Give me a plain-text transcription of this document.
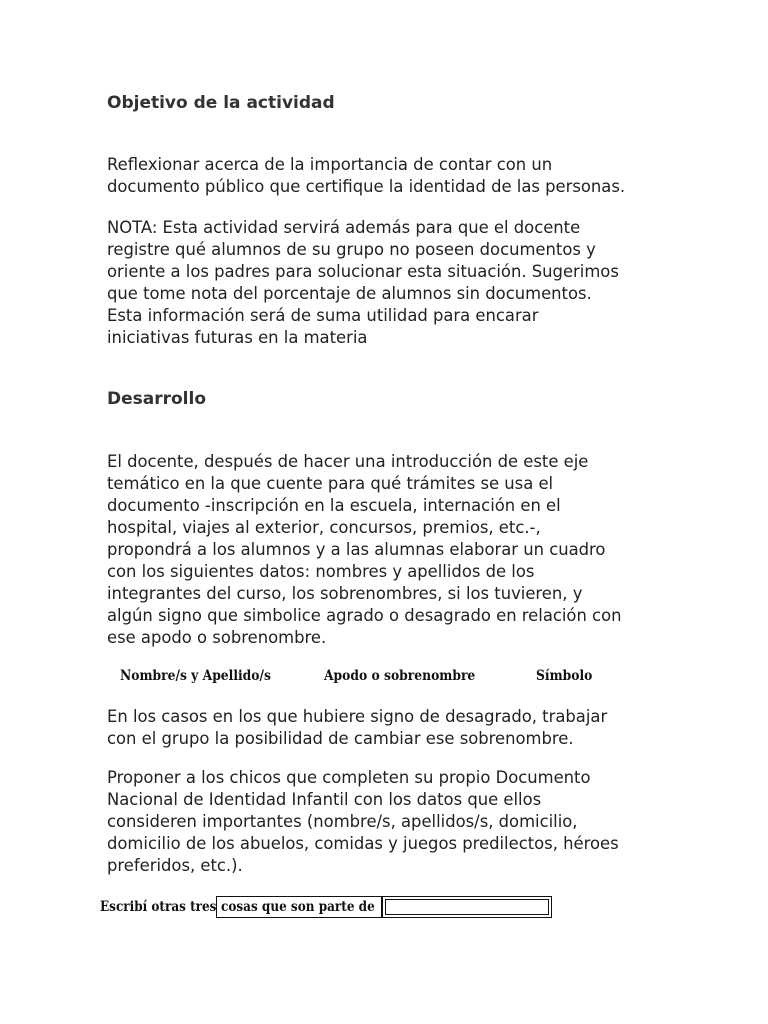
Objetivo de la actividad
Reflexionar acerca de la importancia de contar con un
documento público que certifique la identidad de las personas.
NOTA: Esta actividad servirá además para que el docente
registre qué alumnos de su grupo no poseen documentos y
oriente a los padres para solucionar esta situación. Sugerimos
que tome nota del porcentaje de alumnos sin documentos.
Esta información será de suma utilidad para encarar
iniciativas futuras en la materia
Desarrollo
El docente, después de hacer una introducción de este eje
temático en la que cuente para qué trámites se usa el
documento -inscripción en la escuela, internación en el
hospital, viajes al exterior, concursos, premios, etc.-,
propondrá a los alumnos y a las alumnas elaborar un cuadro
con los siguientes datos: nombres y apellidos de los
integrantes del curso, los sobrenombres, si los tuvieren, y
algún signo que simbolice agrado o desagrado en relación con
ese apodo o sobrenombre.
Nombre/s y Apellido/s	Apodo o sobrenombre	Símbolo
En los casos en los que hubiere signo de desagrado, trabajar
con el grupo la posibilidad de cambiar ese sobrenombre.
Proponer a los chicos que completen su propio Documento
Nacional de Identidad Infantil con los datos que ellos
consideren importantes (nombre/s, apellidos/s, domicilio,
domicilio de los abuelos, comidas y juegos predilectos, héroes
preferidos, etc.).
Escribí otras tres cosas que son parte de
